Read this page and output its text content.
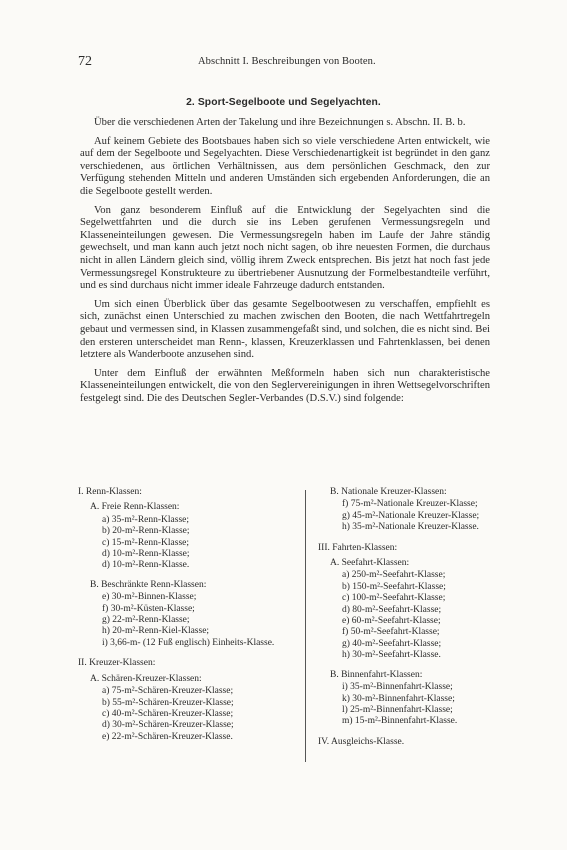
72	Abschnitt I. Beschreibungen von Booten.
2. Sport-Segelboote und Segelyachten.

Über die verschiedenen Arten der Takelung und ihre Bezeichnungen s. Abschn. II. B. b.

Auf keinem Gebiete des Bootsbaues haben sich so viele verschiedene Arten entwickelt, wie auf dem der Segelboote und Segelyachten. Diese Verschiedenartigkeit ist begründet in den ganz verschiedenen, aus örtlichen Verhältnissen, aus dem persönlichen Geschmack, den zur Verfügung stehenden Mitteln und anderen Umständen sich ergebenden Anforderungen, die an die Segelboote gestellt werden.

Von ganz besonderem Einfluß auf die Entwicklung der Segelyachten sind die Segelwettfahrten und die durch sie ins Leben gerufenen Vermessungsregeln und Klasseneinteilungen gewesen. Die Vermessungsregeln haben im Laufe der Jahre ständig gewechselt, und man kann auch jetzt noch nicht sagen, ob ihre neuesten Formen, die durchaus nicht in allen Ländern gleich sind, völlig ihrem Zweck entsprechen. Bis jetzt hat noch fast jede Vermessungsregel Konstrukteure zu übertriebener Ausnutzung der Formelbestandteile verführt, und es sind durchaus nicht immer ideale Fahrzeuge dadurch entstanden.

Um sich einen Überblick über das gesamte Segelbootwesen zu verschaffen, empfiehlt es sich, zunächst einen Unterschied zu machen zwischen den Booten, die nach Wettfahrtregeln gebaut und vermessen sind, in Klassen zusammengefaßt sind, und solchen, die es nicht sind. Bei den ersteren unterscheidet man Renn-, klassen, Kreuzerklassen und Fahrtenklassen, bei denen letztere als Wanderboote anzusehen sind.

Unter dem Einfluß der erwähnten Meßformeln haben sich nun charakteristische Klasseneinteilungen entwickelt, die von den Seglervereinigungen in ihren Wettsegelvorschriften festgelegt sind. Die des Deutschen Segler-Verbandes (D.S.V.) sind folgende:

I. Renn-Klassen:
A. Freie Renn-Klassen:
a) 35-m²-Renn-Klasse;
b) 20-m²-Renn-Klasse;
c) 15-m²-Renn-Klasse;
d) 10-m²-Renn-Klasse;
d) 10-m²-Renn-Klasse.
B. Beschränkte Renn-Klassen:
e) 30-m²-Binnen-Klasse;
f) 30-m²-Küsten-Klasse;
g) 22-m²-Renn-Klasse;
h) 20-m²-Renn-Kiel-Klasse;
i) 3,66-m- (12 Fuß englisch) Einheits-Klasse.
II. Kreuzer-Klassen:
A. Schären-Kreuzer-Klassen:
a) 75-m²-Schären-Kreuzer-Klasse;
b) 55-m²-Schären-Kreuzer-Klasse;
c) 40-m²-Schären-Kreuzer-Klasse;
d) 30-m²-Schären-Kreuzer-Klasse;
e) 22-m²-Schären-Kreuzer-Klasse.
B. Nationale Kreuzer-Klassen:
f) 75-m²-Nationale Kreuzer-Klasse;
g) 45-m²-Nationale Kreuzer-Klasse;
h) 35-m²-Nationale Kreuzer-Klasse.
III. Fahrten-Klassen:
A. Seefahrt-Klassen:
a) 250-m²-Seefahrt-Klasse;
b) 150-m²-Seefahrt-Klasse;
c) 100-m²-Seefahrt-Klasse;
d) 80-m²-Seefahrt-Klasse;
e) 60-m²-Seefahrt-Klasse;
f) 50-m²-Seefahrt-Klasse;
g) 40-m²-Seefahrt-Klasse;
h) 30-m²-Seefahrt-Klasse.
B. Binnenfahrt-Klassen:
i) 35-m²-Binnenfahrt-Klasse;
k) 30-m²-Binnenfahrt-Klasse;
l) 25-m²-Binnenfahrt-Klasse;
m) 15-m²-Binnenfahrt-Klasse.
IV. Ausgleichs-Klasse.
